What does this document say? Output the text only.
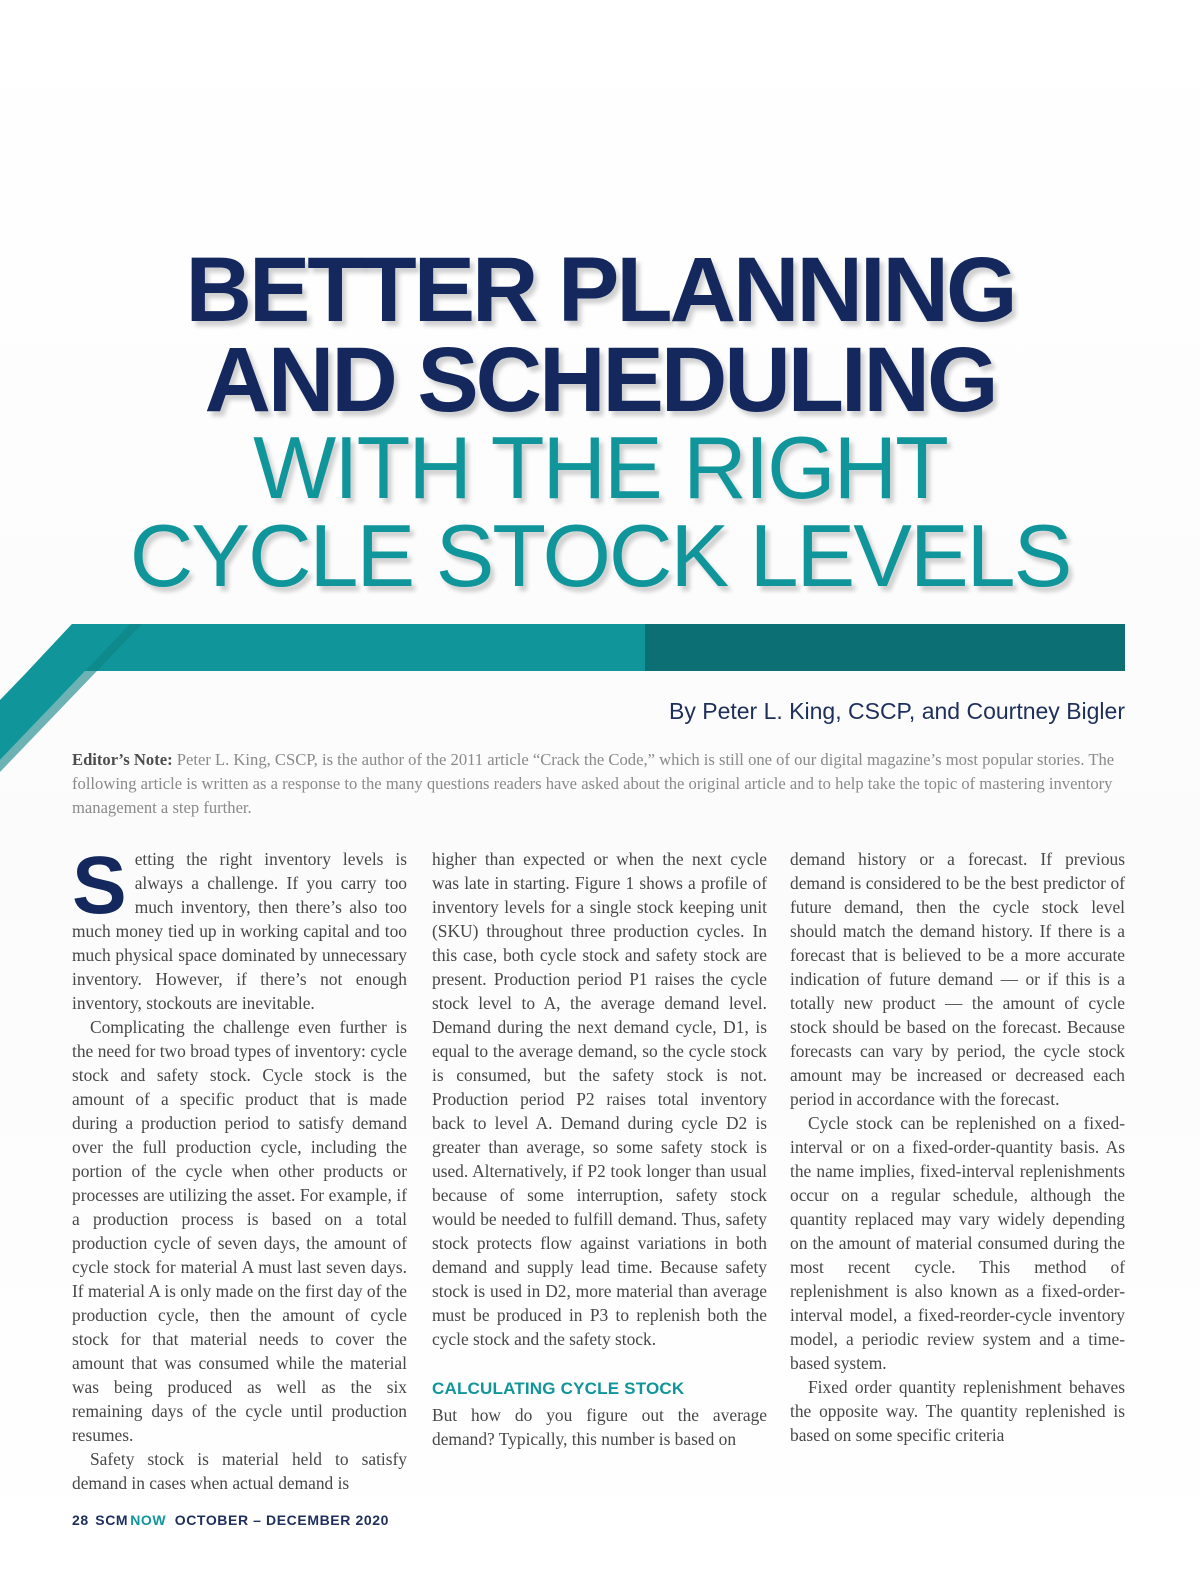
BETTER PLANNING
AND SCHEDULING
WITH THE RIGHT
CYCLE STOCK LEVELS
By Peter L. King, CSCP, and Courtney Bigler

Editor’s Note: Peter L. King, CSCP, is the author of the 2011 article “Crack the Code,” which is still one of our digital magazine’s most popular stories. The following article is written as a response to the many questions readers have asked about the original article and to help take the topic of mastering inventory management a step further.

Setting the right inventory levels is always a challenge. If you carry too much inventory, then there’s also too much money tied up in working capital and too much physical space dominated by unnecessary inventory. However, if there’s not enough inventory, stockouts are inevitable.

Complicating the challenge even further is the need for two broad types of inventory: cycle stock and safety stock. Cycle stock is the amount of a specific product that is made during a production period to satisfy demand over the full production cycle, including the portion of the cycle when other products or processes are utilizing the asset. For example, if a production process is based on a total production cycle of seven days, the amount of cycle stock for material A must last seven days. If material A is only made on the first day of the production cycle, then the amount of cycle stock for that material needs to cover the amount that was consumed while the material was being produced as well as the six remaining days of the cycle until production resumes.

Safety stock is material held to satisfy demand in cases when actual demand is

higher than expected or when the next cycle was late in starting. Figure 1 shows a profile of inventory levels for a single stock keeping unit (SKU) throughout three production cycles. In this case, both cycle stock and safety stock are present. Production period P1 raises the cycle stock level to A, the average demand level. Demand during the next demand cycle, D1, is equal to the average demand, so the cycle stock is consumed, but the safety stock is not. Production period P2 raises total inventory back to level A. Demand during cycle D2 is greater than average, so some safety stock is used. Alternatively, if P2 took longer than usual because of some interruption, safety stock would be needed to fulfill demand. Thus, safety stock protects flow against variations in both demand and supply lead time. Because safety stock is used in D2, more material than average must be produced in P3 to replenish both the cycle stock and the safety stock.

CALCULATING CYCLE STOCK

But how do you figure out the average demand? Typically, this number is based on

demand history or a forecast. If previous demand is considered to be the best predictor of future demand, then the cycle stock level should match the demand history. If there is a forecast that is believed to be a more accurate indication of future demand — or if this is a totally new product — the amount of cycle stock should be based on the forecast. Because forecasts can vary by period, the cycle stock amount may be increased or decreased each period in accordance with the forecast.

Cycle stock can be replenished on a fixed-interval or on a fixed-order-quantity basis. As the name implies, fixed-interval replenishments occur on a regular schedule, although the quantity replaced may vary widely depending on the amount of material consumed during the most recent cycle. This method of replenishment is also known as a fixed-order-interval model, a fixed-reorder-cycle inventory model, a periodic review system and a time-based system.

Fixed order quantity replenishment behaves the opposite way. The quantity replenished is based on some specific criteria

28 SCM NOW OCTOBER – DECEMBER 2020
